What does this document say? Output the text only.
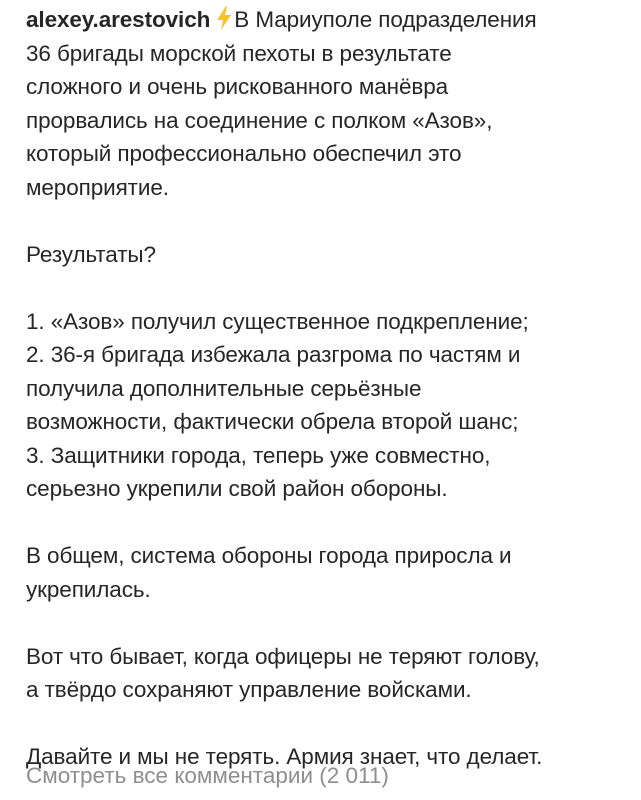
alexey.arestovich В Мариуполе подразделения
36 бригады морской пехоты в результате
сложного и очень рискованного манёвра
прорвались на соединение с полком «Азов»,
который профессионально обеспечил это
мероприятие.

Результаты?

1. «Азов» получил существенное подкрепление;
2. 36-я бригада избежала разгрома по частям и
получила дополнительные серьёзные
возможности, фактически обрела второй шанс;
3. Защитники города, теперь уже совместно,
серьезно укрепили свой район обороны.

В общем, система обороны города приросла и
укрепилась.

Вот что бывает, когда офицеры не теряют голову,
а твёрдо сохраняют управление войсками.

Давайте и мы не терять. Армия знает, что делает.

Смотреть все комментарии (2 011)
